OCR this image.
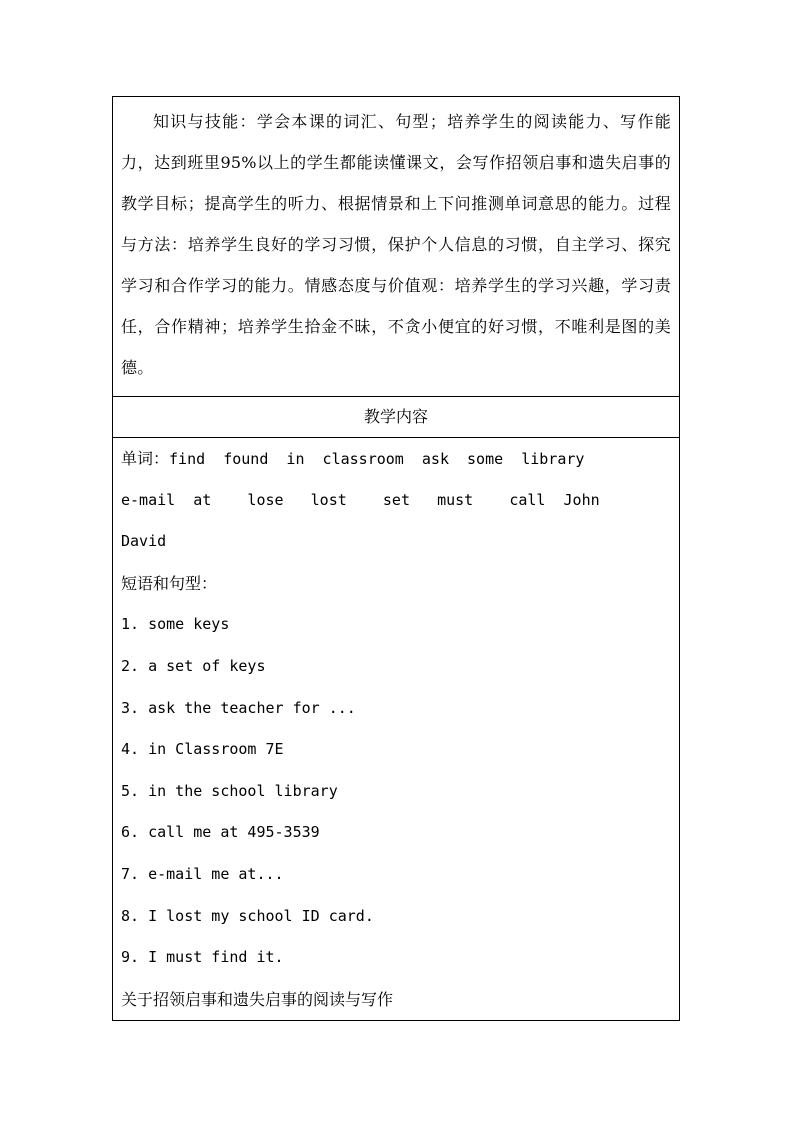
知识与技能：学会本课的词汇、句型；培养学生的阅读能力、写作能力，达到班里95%以上的学生都能读懂课文，会写作招领启事和遗失启事的教学目标；提高学生的听力、根据情景和上下问推测单词意思的能力。过程与方法：培养学生良好的学习习惯，保护个人信息的习惯，自主学习、探究学习和合作学习的能力。情感态度与价值观：培养学生的学习兴趣，学习责任，合作精神；培养学生拾金不昧，不贪小便宜的好习惯，不唯利是图的美德。

教学内容
单词：find  found  in  classroom  ask  some  library
e-mail  at    lose   lost    set   must    call  John
David
短语和句型：
1. some keys
2. a set of keys
3. ask the teacher for ...
4. in Classroom 7E
5. in the school library
6. call me at 495-3539
7. e-mail me at...
8. I lost my school ID card.
9. I must find it.
关于招领启事和遗失启事的阅读与写作
